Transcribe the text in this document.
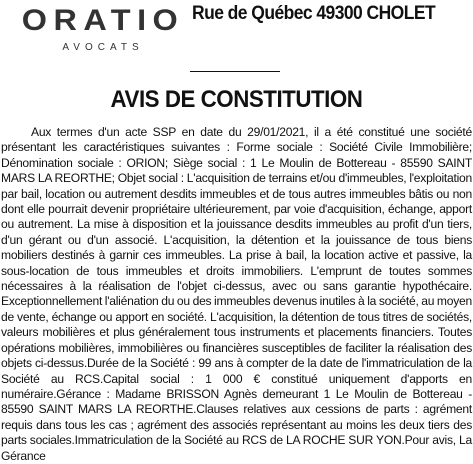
ORATIO
AVOCATS
Rue de Québec 49300 CHOLET
AVIS DE CONSTITUTION

Aux termes d'un acte SSP en date du 29/01/2021, il a été constitué une société présentant les caractéristiques suivantes : Forme sociale : Société Civile Immobilière; Dénomination sociale : ORION; Siège social : 1 Le Moulin de Bottereau - 85590 SAINT MARS LA REORTHE; Objet social : L'acquisition de terrains et/ou d'immeubles, l'exploitation par bail, location ou autrement desdits immeubles et de tous autres immeubles bâtis ou non dont elle pourrait devenir propriétaire ultérieurement, par voie d'acquisition, échange, apport ou autrement. La mise à disposition et la jouissance desdits immeubles au profit d'un tiers, d'un gérant ou d'un associé. L'acquisition, la détention et la jouissance de tous biens mobiliers destinés à garnir ces immeubles. La prise à bail, la location active et passive, la sous-location de tous immeubles et droits immobiliers. L'emprunt de toutes sommes nécessaires à la réalisation de l'objet ci-dessus, avec ou sans garantie hypothécaire. Exceptionnellement l'aliénation du ou des immeubles devenus inutiles à la société, au moyen de vente, échange ou apport en société. L'acquisition, la détention de tous titres de sociétés, valeurs mobilières et plus généralement tous instruments et placements financiers. Toutes opérations mobilières, immobilières ou financières susceptibles de faciliter la réalisation des objets ci-dessus.Durée de la Société : 99 ans à compter de la date de l'immatriculation de la Société au RCS.Capital social : 1 000 € constitué uniquement d'apports en numéraire.Gérance : Madame BRISSON Agnès demeurant 1 Le Moulin de Bottereau - 85590 SAINT MARS LA REORTHE.Clauses relatives aux cessions de parts : agrément requis dans tous les cas ; agrément des associés représentant au moins les deux tiers des parts sociales.Immatriculation de la Société au RCS de LA ROCHE SUR YON.Pour avis, La Gérance
